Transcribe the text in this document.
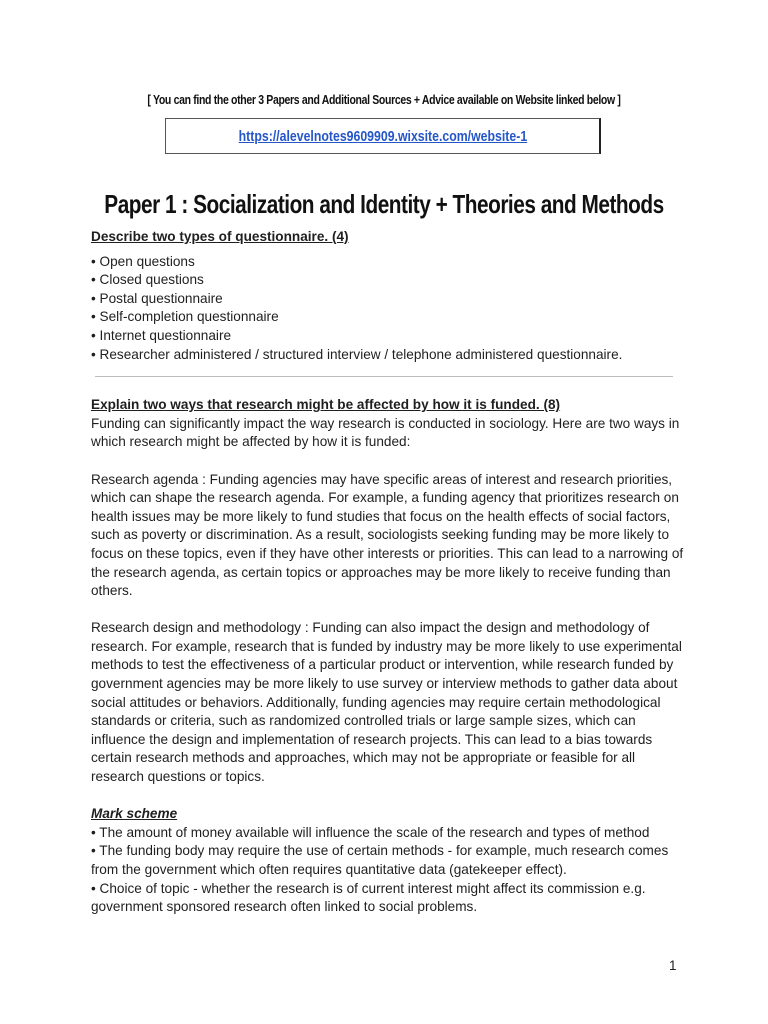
[ You can find the other 3 Papers and Additional Sources + Advice available on Website linked below ]
https://alevelnotes9609909.wixsite.com/website-1
Paper 1 : Socialization and Identity + Theories and Methods

Describe two types of questionnaire. (4)

• Open questions
• Closed questions
• Postal questionnaire
• Self-completion questionnaire
• Internet questionnaire
• Researcher administered / structured interview / telephone administered questionnaire.

Explain two ways that research might be affected by how it is funded. (8)

Funding can significantly impact the way research is conducted in sociology. Here are two ways in which research might be affected by how it is funded:

Research agenda : Funding agencies may have specific areas of interest and research priorities, which can shape the research agenda. For example, a funding agency that prioritizes research on health issues may be more likely to fund studies that focus on the health effects of social factors, such as poverty or discrimination. As a result, sociologists seeking funding may be more likely to focus on these topics, even if they have other interests or priorities. This can lead to a narrowing of the research agenda, as certain topics or approaches may be more likely to receive funding than others.

Research design and methodology : Funding can also impact the design and methodology of research. For example, research that is funded by industry may be more likely to use experimental methods to test the effectiveness of a particular product or intervention, while research funded by government agencies may be more likely to use survey or interview methods to gather data about social attitudes or behaviors. Additionally, funding agencies may require certain methodological standards or criteria, such as randomized controlled trials or large sample sizes, which can influence the design and implementation of research projects. This can lead to a bias towards certain research methods and approaches, which may not be appropriate or feasible for all research questions or topics.

Mark scheme

• The amount of money available will influence the scale of the research and types of method

• The funding body may require the use of certain methods - for example, much research comes from the government which often requires quantitative data (gatekeeper effect).

• Choice of topic - whether the research is of current interest might affect its commission e.g. government sponsored research often linked to social problems.

1
